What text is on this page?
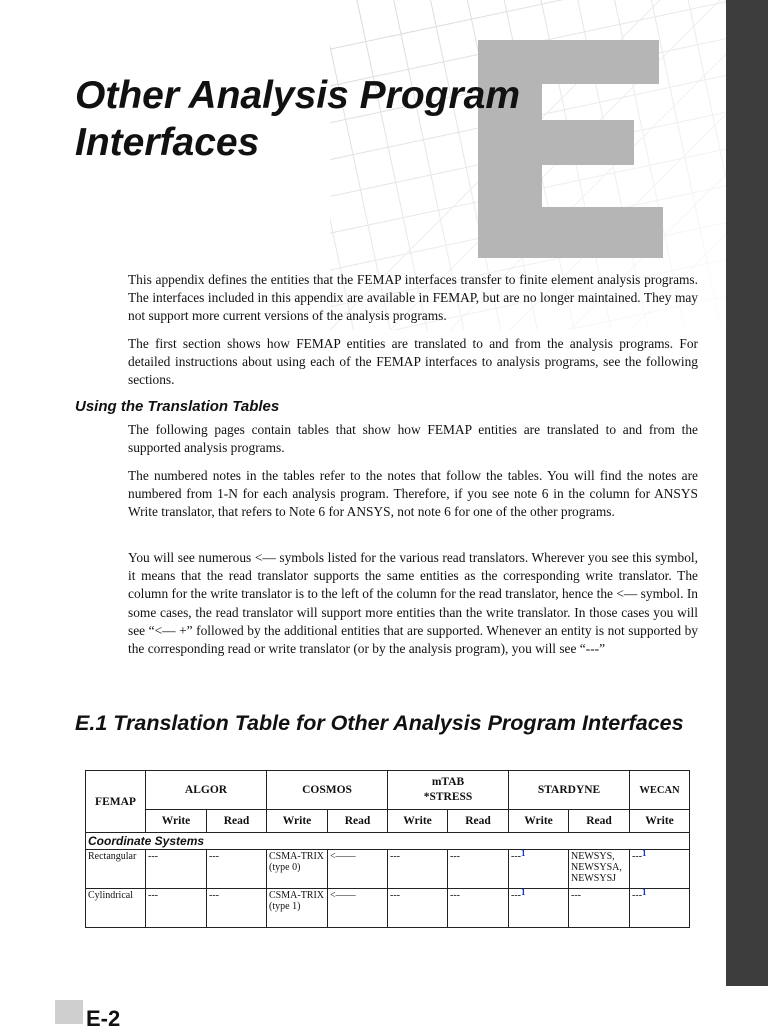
Other Analysis Program
Interfaces

This appendix defines the entities that the FEMAP interfaces transfer to finite element analysis programs. The interfaces included in this appendix are available in FEMAP, but are no longer maintained. They may not support more current versions of the analysis programs.

The first section shows how FEMAP entities are translated to and from the analysis programs. For detailed instructions about using each of the FEMAP interfaces to analysis programs, see the following sections.

Using the Translation Tables

The following pages contain tables that show how FEMAP entities are translated to and from the supported analysis programs.

The numbered notes in the tables refer to the notes that follow the tables. You will find the notes are numbered from 1-N for each analysis program. Therefore, if you see note 6 in the column for ANSYS Write translator, that refers to Note 6 for ANSYS, not note 6 for one of the other programs.

You will see numerous <— symbols listed for the various read translators. Wherever you see this symbol, it means that the read translator supports the same entities as the corresponding write translator. The column for the write translator is to the left of the column for the read translator, hence the <— symbol. In some cases, the read translator will support more entities than the write translator. In those cases you will see “<— +” followed by the additional entities that are supported. Whenever an entity is not supported by the corresponding read or write translator (or by the analysis program), you will see “---”

E.1 Translation Table for Other Analysis Program Interfaces
FEMAP	ALGOR		COSMOS		mTAB *STRESS		STARDYNE		WECAN
	Write	Read	Write	Read	Write	Read	Write	Read	Write
Coordinate Systems									
Rectangular	---	---	CSMA-TRIX (type 0)	<——	---	---	---1	NEWSYS, NEWSYSA, NEWSYSJ	---1
Cylindrical	---	---	CSMA-TRIX (type 1)	<——	---	---	---1	---	---1
E-2
